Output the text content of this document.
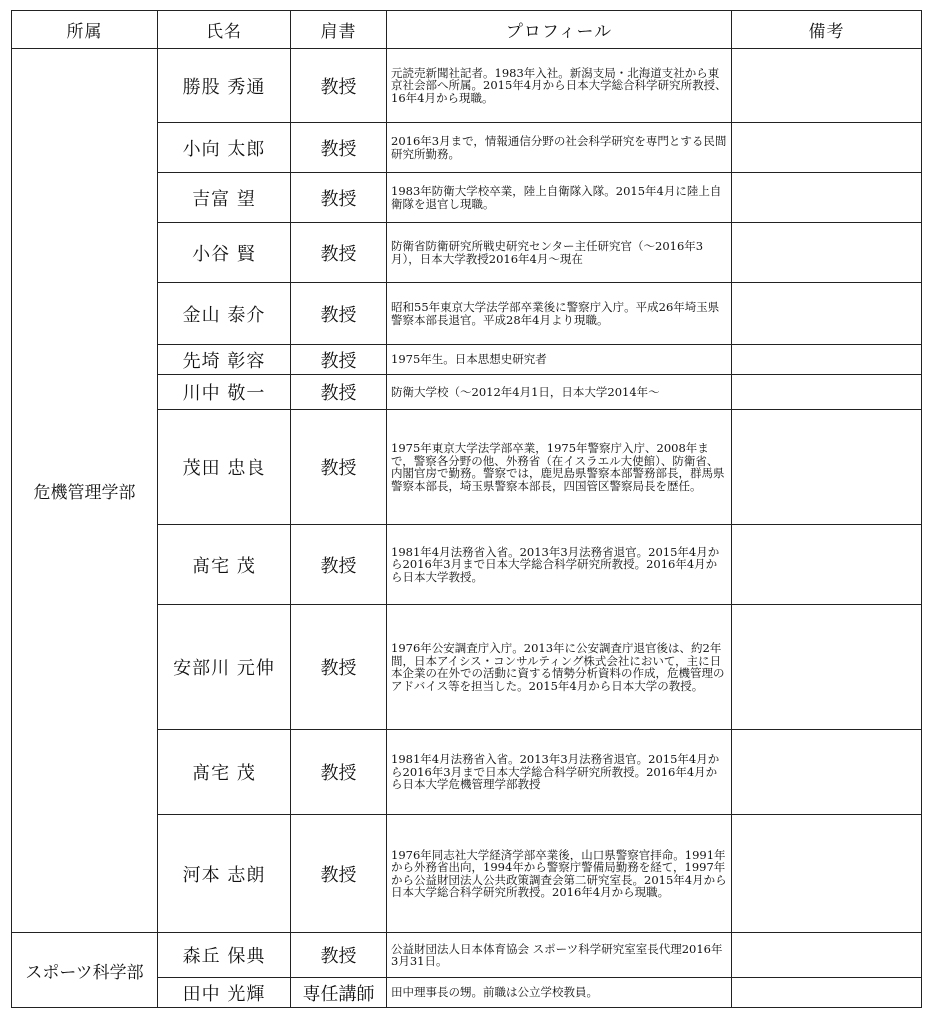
所属	氏名	肩書	プロフィール	備考
危機管理学部	勝股 秀通	教授	元読売新聞社記者。1983年入社。新潟支局・北海道支社から東京社会部へ所属。2015年4月から日本大学総合科学研究所教授、16年4月から現職。	
	小向 太郎	教授	2016年3月まで，情報通信分野の社会科学研究を専門とする民間研究所勤務。	
	吉富 望	教授	1983年防衛大学校卒業，陸上自衛隊入隊。2015年4月に陸上自衛隊を退官し現職。	
	小谷 賢	教授	防衛省防衛研究所戦史研究センター主任研究官（～2016年3月），日本大学教授2016年4月～現在	
	金山 泰介	教授	昭和55年東京大学法学部卒業後に警察庁入庁。平成26年埼玉県警察本部長退官。平成28年4月より現職。	
	先埼 彰容	教授	1975年生。日本思想史研究者	
	川中 敬一	教授	防衛大学校（～2012年4月1日，日本大学2014年～	
	茂田 忠良	教授	1975年東京大学法学部卒業，1975年警察庁入庁、2008年まで，警察各分野の他、外務省（在イスラエル大使館）、防衛省、内閣官房で勤務。警察では，鹿児島県警察本部警務部長，群馬県警察本部長，埼玉県警察本部長，四国管区警察局長を歴任。	
	髙宅 茂	教授	1981年4月法務省入省。2013年3月法務省退官。2015年4月から2016年3月まで日本大学総合科学研究所教授。2016年4月から日本大学教授。	
	安部川 元伸	教授	1976年公安調査庁入庁。2013年に公安調査庁退官後は、約2年間，日本アイシス・コンサルティング株式会社において，主に日本企業の在外での活動に資する情勢分析資料の作成，危機管理のアドバイス等を担当した。2015年4月から日本大学の教授。	
	髙宅 茂	教授	1981年4月法務省入省。2013年3月法務省退官。2015年4月から2016年3月まで日本大学総合科学研究所教授。2016年4月から日本大学危機管理学部教授	
	河本 志朗	教授	1976年同志社大学経済学部卒業後，山口県警察官拝命。1991年から外務省出向，1994年から警察庁警備局勤務を経て，1997年から公益財団法人公共政策調査会第二研究室長。2015年4月から日本大学総合科学研究所教授。2016年4月から現職。	
スポーツ科学部	森丘 保典	教授	公益財団法人日本体育協会 スポーツ科学研究室室長代理2016年3月31日。	
	田中 光輝	専任講師	田中理事長の甥。前職は公立学校教員。	
